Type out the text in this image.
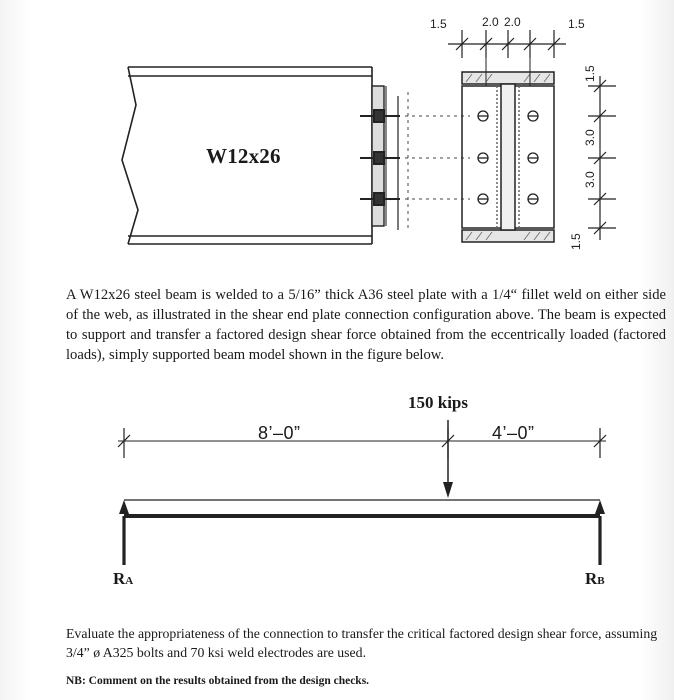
1.5	2.0 2.0	1.5
1.5
3.0
3.0
1.5
W12x26
A W12x26 steel beam is welded to a 5/16” thick A36 steel plate with a 1/4“ fillet weld on either side of the web, as illustrated in the shear end plate connection configuration above. The beam is expected to support and transfer a factored design shear force obtained from the eccentrically loaded (factored loads), simply supported beam model shown in the figure below.
150 kips
8’–0”	4’–0”
RA	RB
Evaluate the appropriateness of the connection to transfer the critical factored design shear force, assuming 3/4” ø A325 bolts and 70 ksi weld electrodes are used.
NB: Comment on the results obtained from the design checks.
